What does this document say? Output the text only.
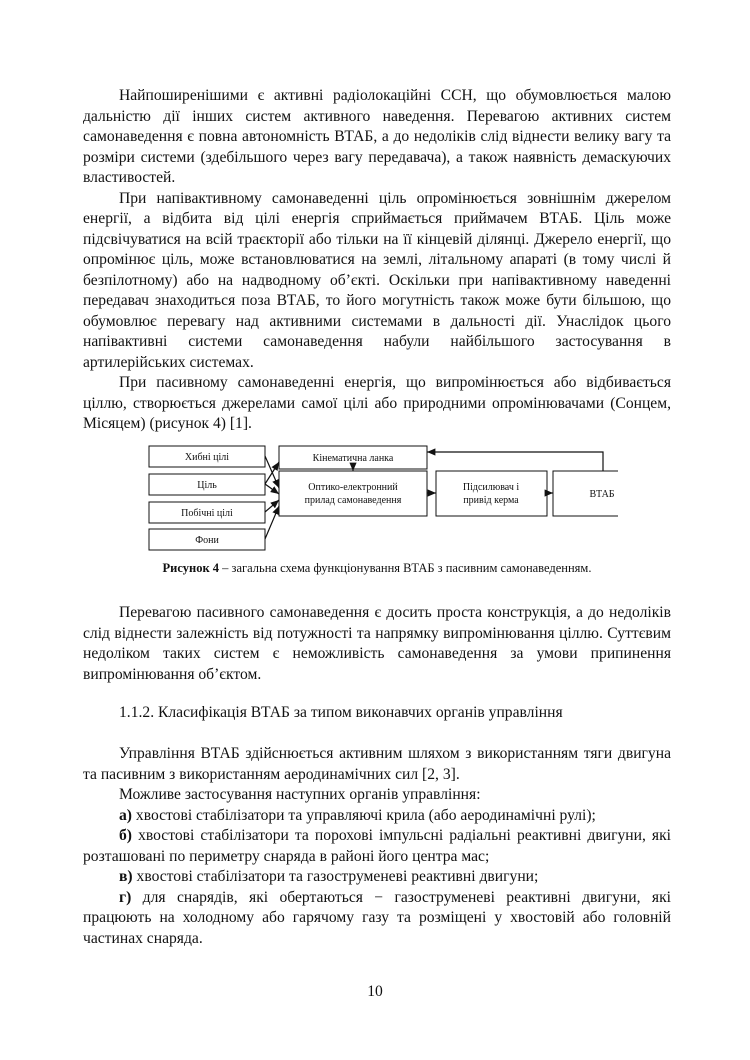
Найпоширенішими є активні радіолокаційні ССН, що обумовлюється малою дальністю дії інших систем активного наведення. Перевагою активних систем самонаведення є повна автономність ВТАБ, а до недоліків слід віднести велику вагу та розміри системи (здебільшого через вагу передавача), а також наявність демаскуючих властивостей.

При напівактивному самонаведенні ціль опромінюється зовнішнім джерелом енергії, а відбита від цілі енергія сприймається приймачем ВТАБ. Ціль може підсвічуватися на всій траєкторії або тільки на її кінцевій ділянці. Джерело енергії, що опромінює ціль, може встановлюватися на землі, літальному апараті (в тому числі й безпілотному) або на надводному об’єкті. Оскільки при напівактивному наведенні передавач знаходиться поза ВТАБ, то його могутність також може бути більшою, що обумовлює перевагу над активними системами в дальності дії. Унаслідок цього напівактивні системи самонаведення набули найбільшого застосування в артилерійських системах.

При пасивному самонаведенні енергія, що випромінюється або відбивається ціллю, створюється джерелами самої цілі або природними опромінювачами (Сонцем, Місяцем) (рисунок 4) [1].

Хибні цілі
Ціль
Побічні цілі
Фони
Кінематична ланка
Оптико-електронний
прилад самонаведення
Підсилювач і
привід керма
ВТАБ
Рисунок 4 – загальна схема функціонування ВТАБ з пасивним самонаведенням.

Перевагою пасивного самонаведення є досить проста конструкція, а до недоліків слід віднести залежність від потужності та напрямку випромінювання ціллю. Суттєвим недоліком таких систем є неможливість самонаведення за умови припинення випромінювання об’єктом.

1.1.2. Класифікація ВТАБ за типом виконавчих органів управління

Управління ВТАБ здійснюється активним шляхом з використанням тяги двигуна та пасивним з використанням аеродинамічних сил [2, 3].

Можливе застосування наступних органів управління:

а) хвостові стабілізатори та управляючі крила (або аеродинамічні рулі);

б) хвостові стабілізатори та порохові імпульсні радіальні реактивні двигуни, які розташовані по периметру снаряда в районі його центра мас;

в) хвостові стабілізатори та газоструменеві реактивні двигуни;

г) для снарядів, які обертаються − газоструменеві реактивні двигуни, які працюють на холодному або гарячому газу та розміщені у хвостовій або головній частинах снаряда.

10
